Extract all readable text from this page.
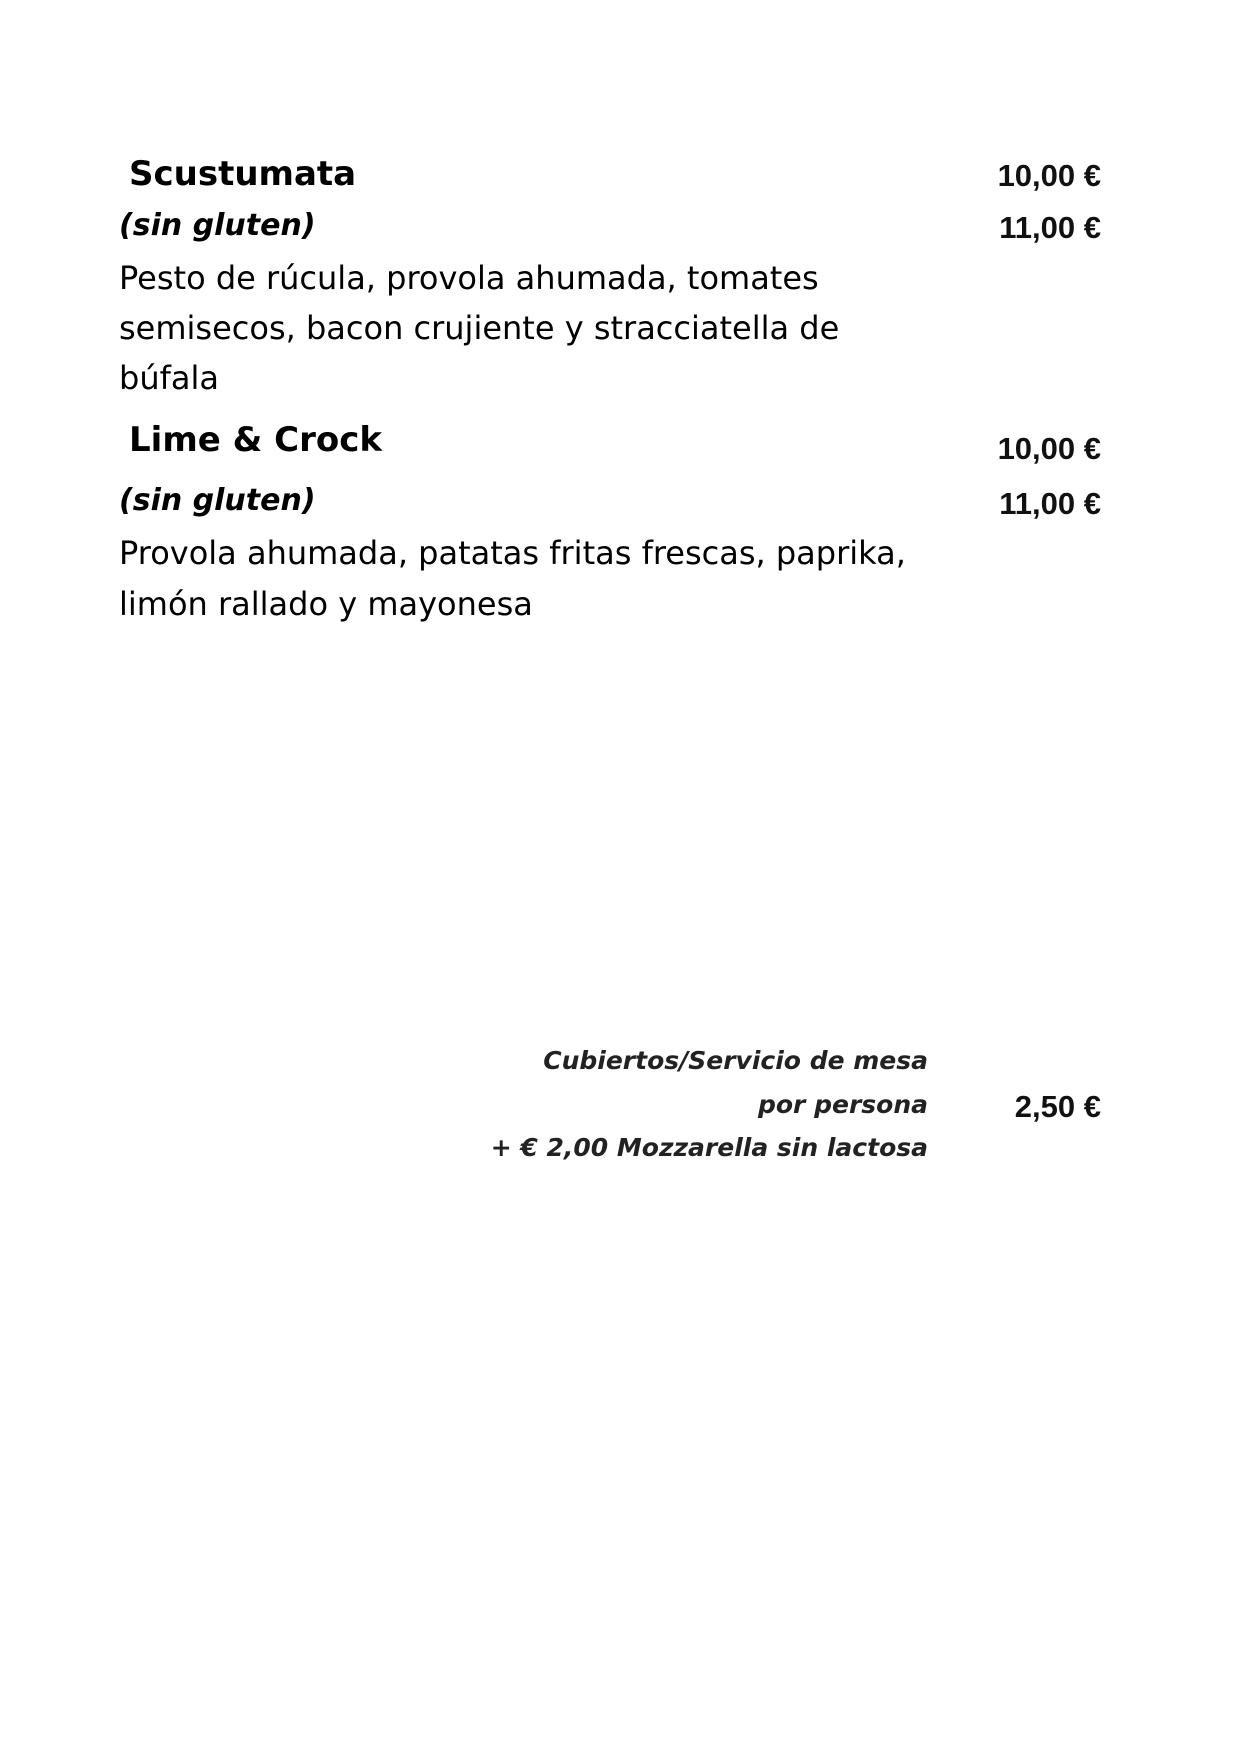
Scustumata	10,00 €
(sin gluten)	11,00 €
Pesto de rúcula, provola ahumada, tomates
semisecos, bacon crujiente y stracciatella de
búfala
Lime & Crock	10,00 €
(sin gluten)	11,00 €
Provola ahumada, patatas fritas frescas, paprika,
limón rallado y mayonesa
Cubiertos/Servicio de mesa
por persona
+ € 2,00 Mozzarella sin lactosa
2,50 €
